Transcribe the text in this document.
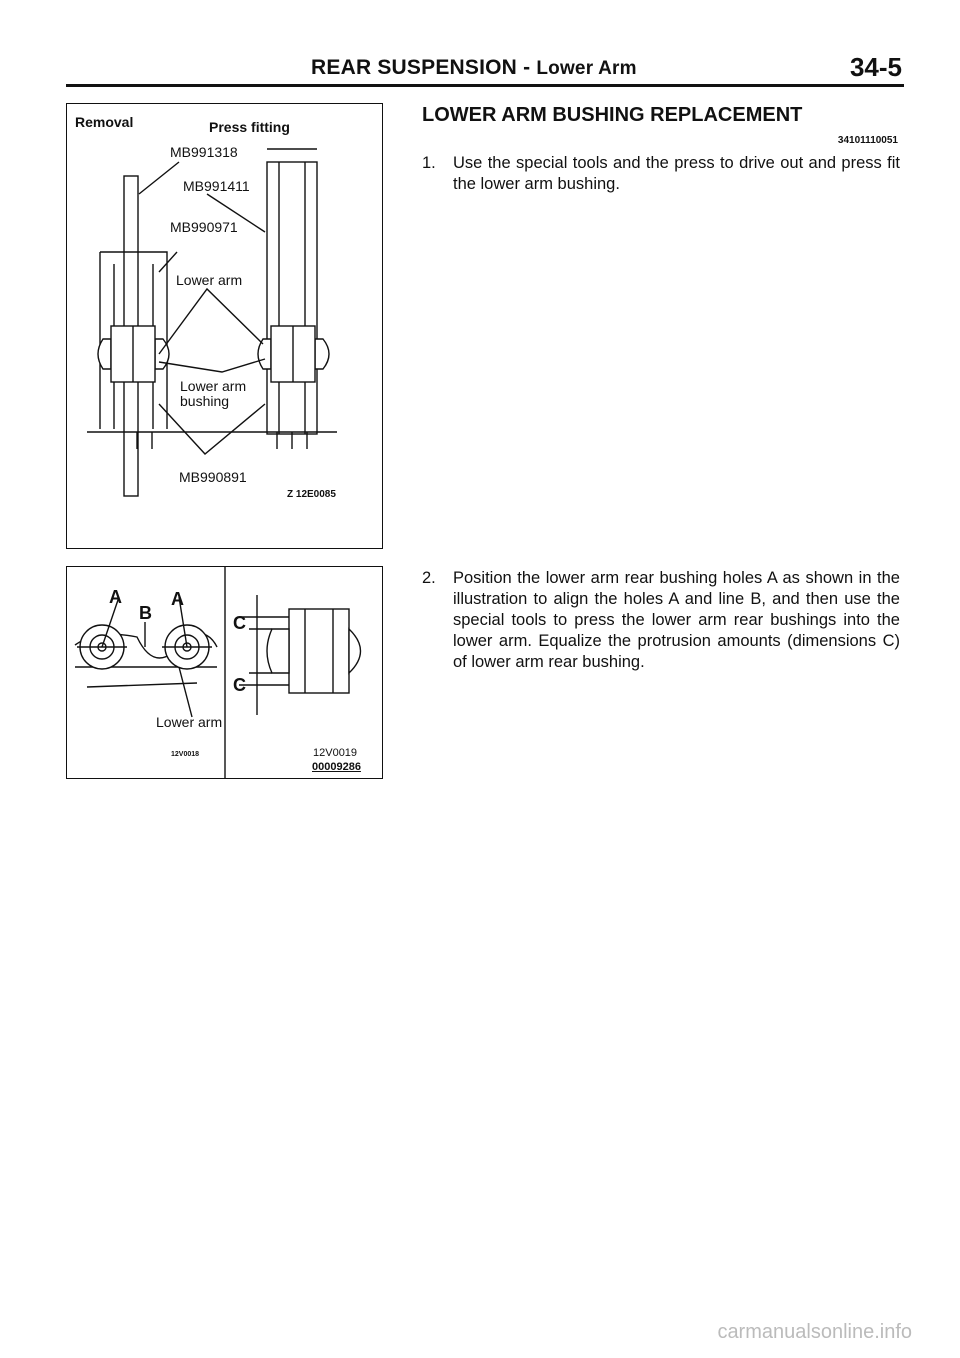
REAR SUSPENSION - Lower Arm	34-5
Removal	Press fitting
MB991318
MB991411
MB990971
Lower arm
Lower arm
bushing
MB990891
Z 12E0085
A
B
A
Lower arm
C
C
12V0018	12V0019
00009286
LOWER ARM BUSHING REPLACEMENT
34101110051
1. Use the special tools and the press to drive out and press fit the lower arm bushing.
2. Position the lower arm rear bushing holes A as shown in the illustration to align the holes A and line B, and then use the special tools to press the lower arm rear bushings into the lower arm. Equalize the protrusion amounts (dimensions C) of lower arm rear bushing.
carmanualsonline.info
